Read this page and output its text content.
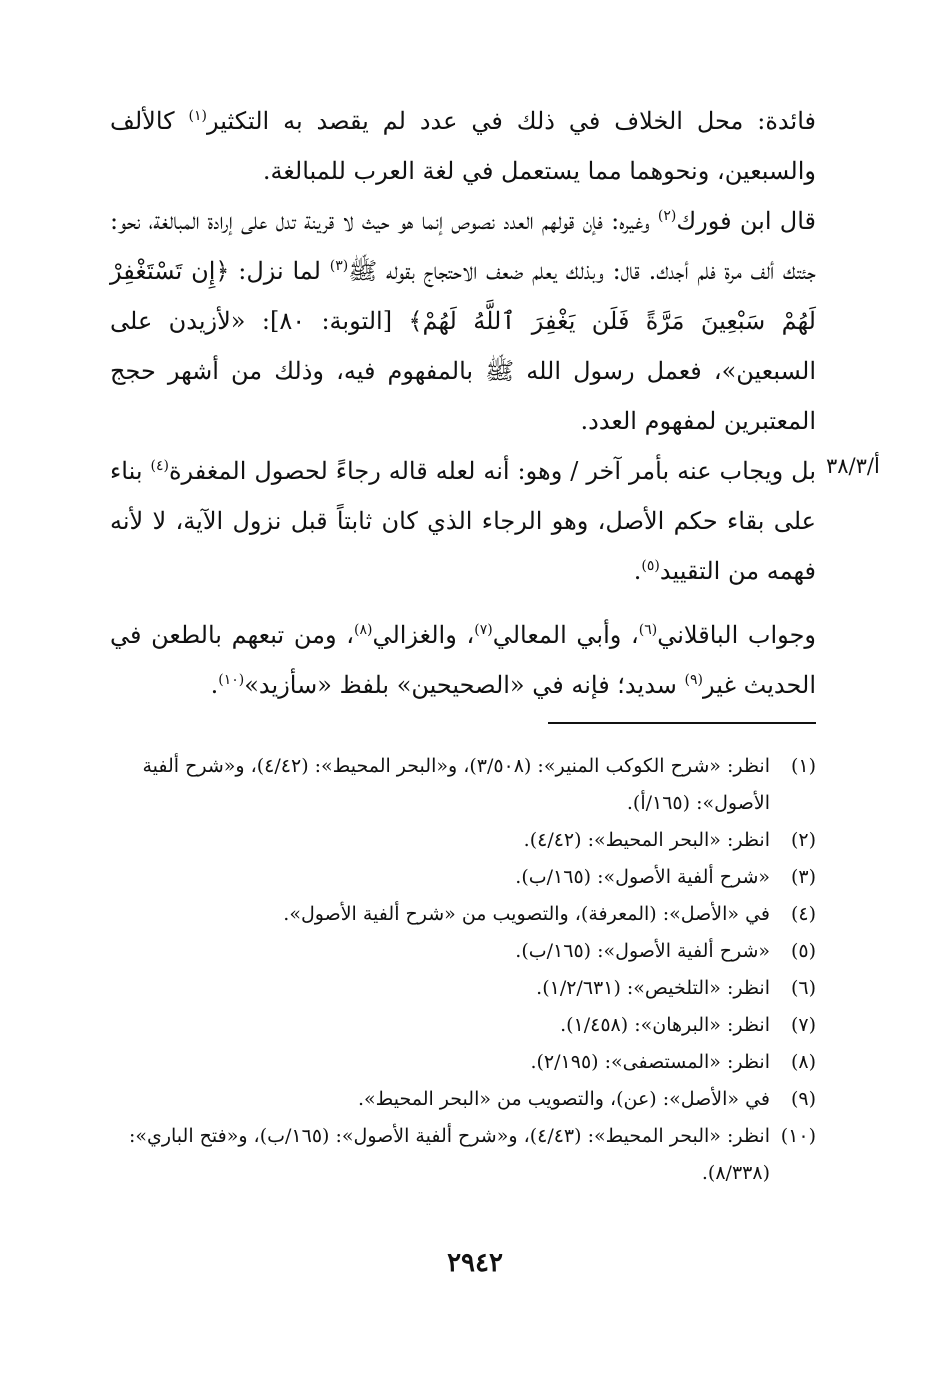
فائدة: محل الخلاف في ذلك في عدد لم يقصد به التكثير$^{(١)}$ كالألف والسبعين، ونحوهما مما يستعمل في لغة العرب للمبالغة.

قال ابن فورك$^{(٢)}$ وغيره: فإن قولهم العدد نصوص إنما هو حيث لا قرينة تدل على إرادة المبالغة، نحو: جئتك ألف مرة فلم أجدك. قال: وبذلك يعلم ضعف الاحتجاج بقوله ﷺ$^{(٣)}$ لما نزل: ﴿إِن تَسْتَغْفِرْ لَهُمْ سَبْعِينَ مَرَّةً فَلَن يَغْفِرَ ٱللَّهُ لَهُمْ﴾ [التوبة: ٨٠]: «لأزيدن على السبعين»، فعمل رسول الله ﷺ بالمفهوم فيه، وذلك من أشهر حجج المعتبرين لمفهوم العدد.

بل ويجاب عنه بأمر آخر / وهو: أنه لعله قاله رجاءً لحصول المغفرة$^{(٤)}$ بناء على بقاء حكم الأصل، وهو الرجاء الذي كان ثابتاً قبل نزول الآية، لا لأنه فهمه من التقييد$^{(٥)}$.

وجواب الباقلاني$^{(٦)}$، وأبي المعالي$^{(٧)}$، والغزالي$^{(٨)}$، ومن تبعهم بالطعن في الحديث غير$^{(٩)}$ سديد؛ فإنه في «الصحيحين» بلفظ «سأزيد»$^{(١٠)}$.

أ/٣٨/٣
(١)
انظر: «شرح الكوكب المنير»: (٣/٥٠٨)، و«البحر المحيط»: (٤/٤٢)، و«شرح ألفية الأصول»: (١٦٥/أ).
(٢)
انظر: «البحر المحيط»: (٤/٤٢).
(٣)
«شرح ألفية الأصول»: (١٦٥/ب).
(٤)
في «الأصل»: (المعرفة)، والتصويب من «شرح ألفية الأصول».
(٥)
«شرح ألفية الأصول»: (١٦٥/ب).
(٦)
انظر: «التلخيص»: (١/٢/٦٣١).
(٧)
انظر: «البرهان»: (١/٤٥٨).
(٨)
انظر: «المستصفى»: (٢/١٩٥).
(٩)
في «الأصل»: (عن)، والتصويب من «البحر المحيط».
(١٠)
انظر: «البحر المحيط»: (٤/٤٣)، و«شرح ألفية الأصول»: (١٦٥/ب)، و«فتح الباري»: (٨/٣٣٨).
٢٩٤٢
